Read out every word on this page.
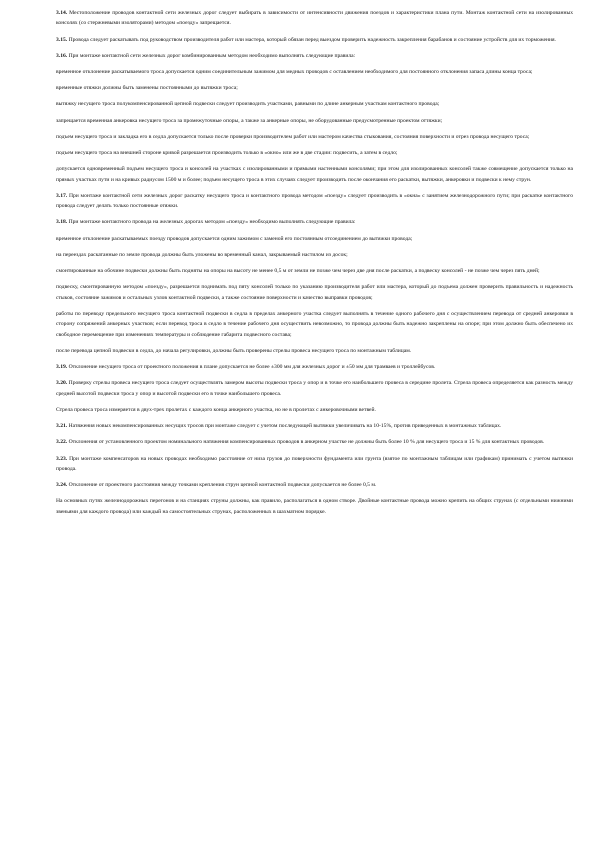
3.14. Местоположение проводов контактной сети железных дорог следует выбирать в зависимости от интенсивности движения поездов и характеристики плана пути. Монтаж контактной сети на изолированных консолях (со стержневыми изоляторами) методом «поезду» запрещается.

3.15. Провода следует раскатывать под руководством производителя работ или мастера, который обязан перед выездом проверить надежность закрепления барабанов и состояние устройств для их торможения.

3.16. При монтаже контактной сети железных дорог комбинированным методом необходимо выполнять следующие правила:

временное отклонение раскатываемого троса допускается одним соединительным зажимом для медных проводов с оставлением необходимого для постоянного отклонения запаса длины конца троса;

временные отяжки должны быть заменены постоянными до вытяжки троса;

вытяжку несущего троса полукомпенсированной цепной подвески следует производить участками, равными по длине анкерным участкам контактного провода;

запрещается временная анкеровка несущего троса за промежуточные опоры, а также за анкерные опоры, не оборудованные предусмотренные проектом оттяжки;

подъем несущего троса и закладка его в седла допускается только после проверки производителем работ или мастером качества стыкования, состояния поверхности и отрез провода несущего троса;

подъем несущего троса на внешней стороне кривой разрешается производить только в «окно» или же в две стадии: подвесить, а затем в седло;

допускается одновременный подъем несущего троса и консолей на участках с изолированными и прямыми настенными консолями; при этом для изолированных консолей также совмещение допускается только на прямых участках пути и на кривых радиусом 1500 м и более; подъем несущего троса в этих случаях следует производить после окончания его раскатки, вытяжки, анкеровки и подвески к нему струн.

3.17. При монтаже контактной сети железных дорог раскатку несущего троса и контактного провода методом «поезду» следует производить в «окна» с занятием железнодорожного пути; при раскатке контактного провода следует делать только постоянные отяжки.

3.18. При монтаже контактного провода на железных дорогах методом «поезду» необходимо выполнять следующие правила:

временное отклонение раскатываемых поезду проводов допускается одним зажимом с заменой его постоянным отсоединением до вытяжки провода;

на переездах раскатанные по земле провода должны быть уложены во временный канал, закрываемый настилом из досок;

смонтированные на обочине подвески должны быть подняты на опоры на высоту не менее 0,5 м от земли не позже чем через две дня после раскатки, а подвеску консолей - не позже чем через пять дней;

подвеску, смонтированную методом «поезду», разрешается поднимать под пяту консолей только по указанию производителя работ или мастера, который до подъема должен проверить правильность и надежность стыков, состояние зажимов и остальных узлов контактной подвески, а также состояние поверхности и качество выправки проводов;

работы по переводу предельного несущего троса контактной подвески в седла в пределах анкерного участка следует выполнять в течение одного рабочего дня с осуществлением перевода от средней анкеровки в сторону сопряжений анкерных участков; если перевод троса в седло в течение рабочего дня осуществить невозможно, то провода должны быть надежно закреплены на опоре; при этом должно быть обеспечено их свободное перемещение при изменениях температуры и соблюдение габарита подвесного состава;

после перевода цепной подвески в седла, до начала регулировки, должны быть проверены стрелы провеса несущего троса по монтажным таблицам.

3.19. Отклонение несущего троса от проектного положения в плане допускается не более ±300 мм для железных дорог и ±50 мм для трамваев и троллейбусов.

3.20. Проверку стрелы провеса несущего троса следует осуществлять замером высоты подвески троса у опор и в точке его наибольшего провеса в середине пролета. Стрела провеса определяется как разность между средней высотой подвески троса у опор и высотой подвески его в точке наибольшего провеса.

Стрела провеса троса измеряется в двух-трех пролетах с каждого конца анкерного участка, но не в пролетах с анкеровочными ветвей.

3.21. Натяжения новых некомпенсированных несущих тросов при монтаже следует с учетом последующей вытяжки увеличивать на 10-15%, против приведенных в монтажных таблицах.

3.22. Отклонения от установленного проектом номинального натяжения компенсированных проводов в анкерном участке не должны быть более 10 % для несущего троса и 15 % для контактных проводов.

3.23. При монтаже компенсаторов на новых проводах необходимо расстояние от низа грузов до поверхности фундамента или грунта (взятое по монтажным таблицам или графикам) принимать с учетом вытяжки провода.

3.24. Отклонение от проектного расстояния между точками крепления струн цепной контактной подвески допускается не более 0,5 м.

На основных путях железнодорожных перегонов и на станциях струны должны, как правило, располагаться в одном створе. Двойные контактные провода можно крепить на общих струнах (с отдельными нижними звеньями для каждого провода) или каждый на самостоятельных струнах, расположенных в шахматном порядке.
